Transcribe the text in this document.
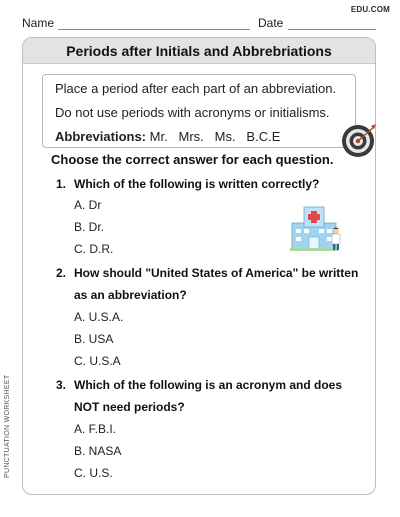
EDU.COM
Name	Date
Periods after Initials and Abbrebriations
Place a period after each part of an abbreviation.
Do not use periods with acronyms or initialisms.
Abbreviations: Mr.   Mrs.   Ms.   B.C.E
Choose the correct answer for each question.
1. Which of the following is written correctly?
A. Dr
B. Dr.
C. D.R.
2. How should "United States of America" be written
as an abbreviation?
A. U.S.A.
B. USA
C. U.S.A
3. Which of the following is an acronym and does
NOT need periods?
A. F.B.I.
B. NASA
C. U.S.
PUNCTUATION WORKSHEET
